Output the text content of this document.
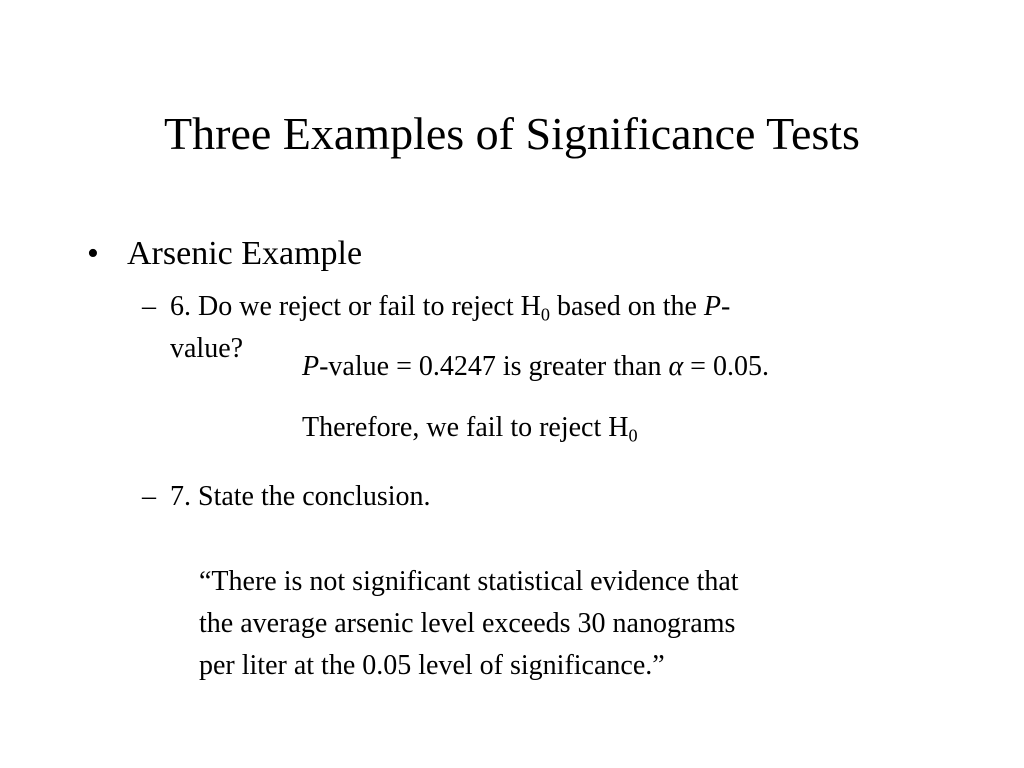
Three Examples of Significance Tests
• Arsenic Example
– 6. Do we reject or fail to reject $H_0$ based on the P-
value?
P-value = 0.4247 is greater than α = 0.05.
Therefore, we fail to reject $H_0$
– 7. State the conclusion.
“There is not significant statistical evidence that
the average arsenic level exceeds 30 nanograms
per liter at the 0.05 level of significance.”
